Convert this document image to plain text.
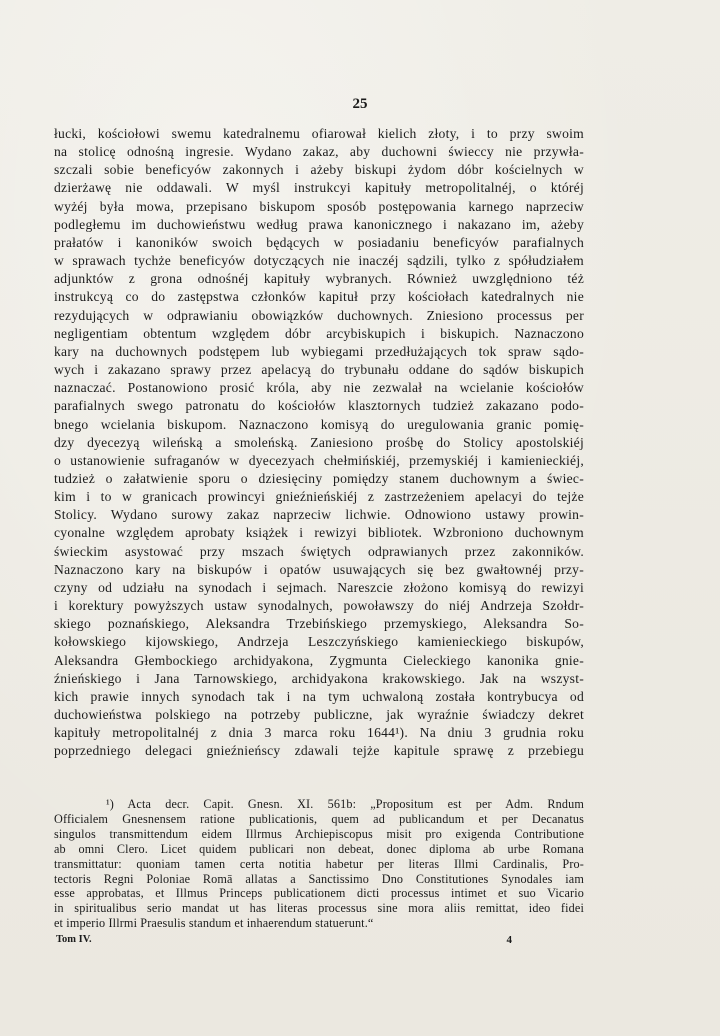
25
łucki, kościołowi swemu katedralnemu ofiarował kielich złoty, i to przy swoim
na stolicę odnośną ingresie. Wydano zakaz, aby duchowni świeccy nie przywła-
szczali sobie beneficyów zakonnych i ażeby biskupi żydom dóbr kościelnych w
dzierżawę nie oddawali. W myśl instrukcyi kapituły metropolitalnéj, o któréj
wyżéj była mowa, przepisano biskupom sposób postępowania karnego naprzeciw
podległemu im duchowieństwu według prawa kanonicznego i nakazano im, ażeby
prałatów i kanoników swoich będących w posiadaniu beneficyów parafialnych
w sprawach tychże beneficyów dotyczących nie inaczéj sądzili, tylko z spółudziałem
adjunktów z grona odnośnéj kapituły wybranych. Również uwzględniono téż
instrukcyą co do zastępstwa członków kapituł przy kościołach katedralnych nie
rezydujących w odprawianiu obowiązków duchownych. Zniesiono processus per
negligentiam obtentum względem dóbr arcybiskupich i biskupich. Naznaczono
kary na duchownych podstępem lub wybiegami przedłużających tok spraw sądo-
wych i zakazano sprawy przez apelacyą do trybunału oddane do sądów biskupich
naznaczać. Postanowiono prosić króla, aby nie zezwalał na wcielanie kościołów
parafialnych swego patronatu do kościołów klasztornych tudzież zakazano podo-
bnego wcielania biskupom. Naznaczono komisyą do uregulowania granic pomię-
dzy dyecezyą wileńską a smoleńską. Zaniesiono prośbę do Stolicy apostolskiéj
o ustanowienie sufraganów w dyecezyach chełmińskiéj, przemyskiéj i kamienieckiéj,
tudzież o załatwienie sporu o dziesięciny pomiędzy stanem duchownym a świec-
kim i to w granicach prowincyi gnieźnieńskiéj z zastrzeżeniem apelacyi do tejże
Stolicy. Wydano surowy zakaz naprzeciw lichwie. Odnowiono ustawy prowin-
cyonalne względem aprobaty książek i rewizyi bibliotek. Wzbroniono duchownym
świeckim asystować przy mszach świętych odprawianych przez zakonników.
Naznaczono kary na biskupów i opatów usuwających się bez gwałtownéj przy-
czyny od udziału na synodach i sejmach. Nareszcie złożono komisyą do rewizyi
i korektury powyższych ustaw synodalnych, powoławszy do niéj Andrzeja Szołdr-
skiego poznańskiego, Aleksandra Trzebińskiego przemyskiego, Aleksandra So-
kołowskiego kijowskiego, Andrzeja Leszczyńskiego kamienieckiego biskupów,
Aleksandra Głembockiego archidyakona, Zygmunta Cieleckiego kanonika gnie-
źnieńskiego i Jana Tarnowskiego, archidyakona krakowskiego. Jak na wszyst-
kich prawie innych synodach tak i na tym uchwaloną została kontrybucya od
duchowieństwa polskiego na potrzeby publiczne, jak wyraźnie świadczy dekret
kapituły metropolitalnéj z dnia 3 marca roku 1644¹). Na dniu 3 grudnia roku
poprzedniego delegaci gnieźnieńscy zdawali tejże kapitule sprawę z przebiegu
¹) Acta decr. Capit. Gnesn. XI. 561b: „Propositum est per Adm. Rndum
Officialem Gnesnensem ratione publicationis, quem ad publicandum et per Decanatus
singulos transmittendum eidem Illrmus Archiepiscopus misit pro exigenda Contributione
ab omni Clero. Licet quidem publicari non debeat, donec diploma ab urbe Romana
transmittatur: quoniam tamen certa notitia habetur per literas Illmi Cardinalis, Pro-
tectoris Regni Poloniae Romā allatas a Sanctissimo Dno Constitutiones Synodales iam
esse approbatas, et Illmus Princeps publicationem dicti processus intimet et suo Vicario
in spiritualibus serio mandat ut has literas processus sine mora aliis remittat, ideo fidei
et imperio Illrmi Praesulis standum et inhaerendum statuerunt.“
Tom IV.	4
